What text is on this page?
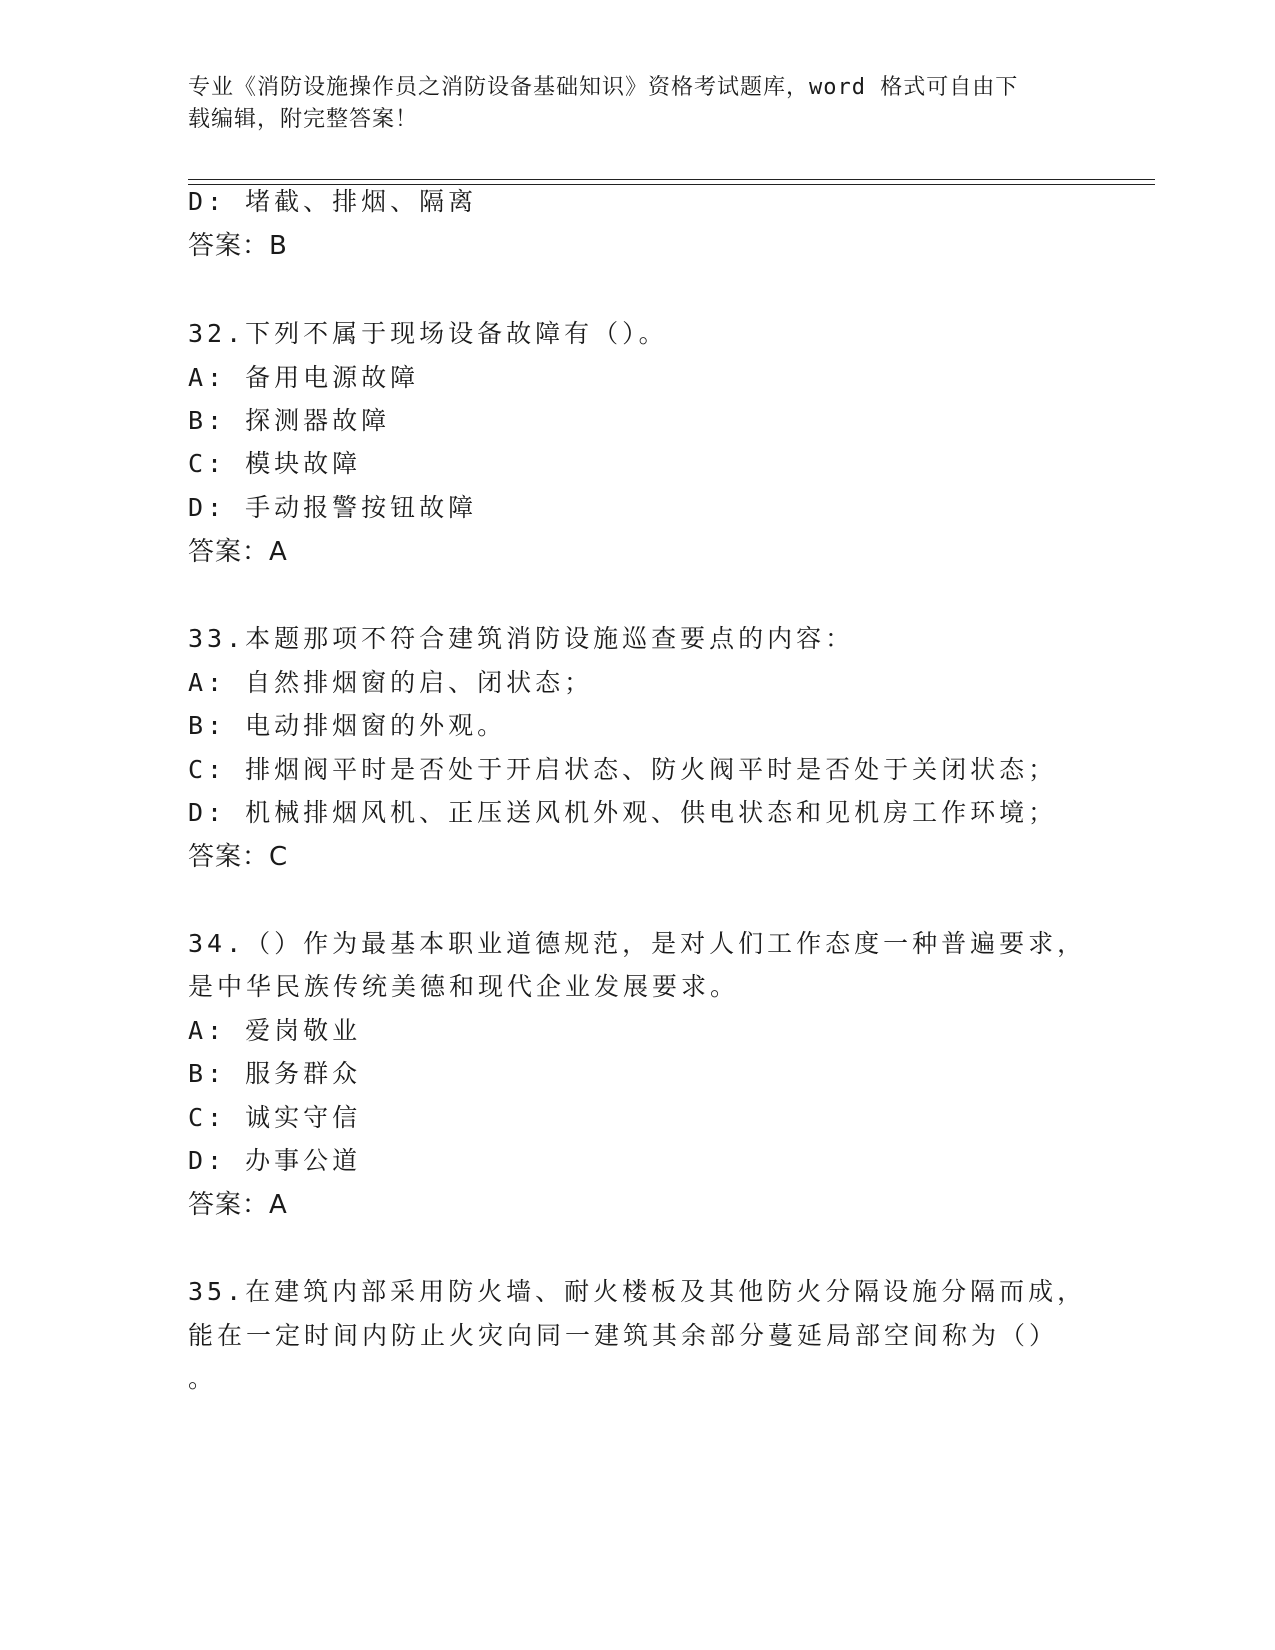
专业《消防设施操作员之消防设备基础知识》资格考试题库，word 格式可自由下
载编辑，附完整答案！
D: 堵截、排烟、隔离
答案：B
32.下列不属于现场设备故障有（）。
A: 备用电源故障
B: 探测器故障
C: 模块故障
D: 手动报警按钮故障
答案：A
33.本题那项不符合建筑消防设施巡查要点的内容：
A: 自然排烟窗的启、闭状态；
B: 电动排烟窗的外观。
C: 排烟阀平时是否处于开启状态、防火阀平时是否处于关闭状态；
D: 机械排烟风机、正压送风机外观、供电状态和见机房工作环境；
答案：C
34.（）作为最基本职业道德规范，是对人们工作态度一种普遍要求，
是中华民族传统美德和现代企业发展要求。
A: 爱岗敬业
B: 服务群众
C: 诚实守信
D: 办事公道
答案：A
35.在建筑内部采用防火墙、耐火楼板及其他防火分隔设施分隔而成，
能在一定时间内防止火灾向同一建筑其余部分蔓延局部空间称为（）
。
